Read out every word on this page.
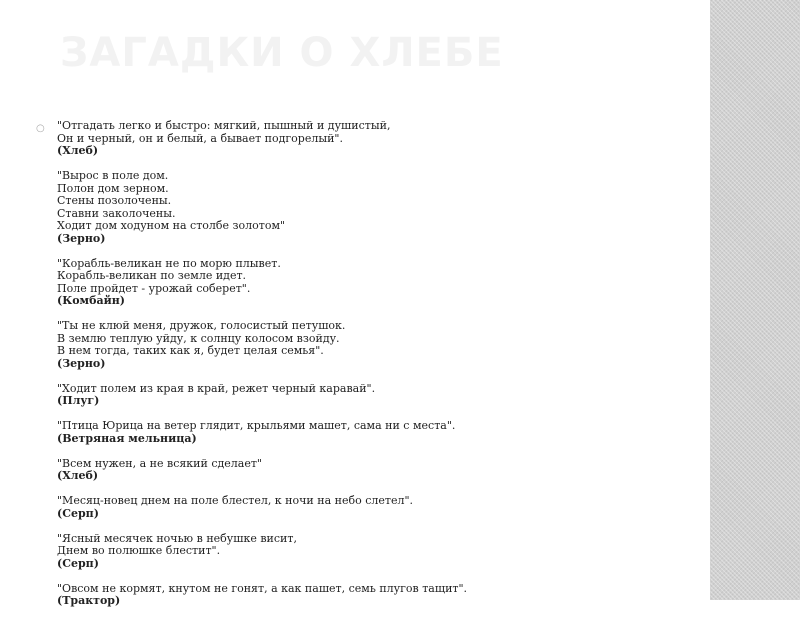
ЗАГАДКИ О ХЛЕБЕ
○ "Отгадать легко и быстро: мягкий, пышный и душистый,
Он и черный, он и белый, а бывает подгорелый".
(Хлеб)
"Вырос в поле дом.
Полон дом зерном.
Стены позолочены.
Ставни заколочены.
Ходит дом ходуном на столбе золотом"
(Зерно)
"Корабль-великан не по морю плывет.
Корабль-великан по земле идет.
Поле пройдет - урожай соберет".
(Комбайн)
"Ты не клюй меня, дружок, голосистый петушок.
В землю теплую уйду, к солнцу колосом взойду.
В нем тогда, таких как я, будет целая семья".
(Зерно)
"Ходит полем из края в край, режет черный каравай".
(Плуг)
"Птица Юрица на ветер глядит, крыльями машет, сама ни с места".
(Ветряная мельница)
"Всем нужен, а не всякий сделает"
(Хлеб)
"Месяц-новец днем на поле блестел, к ночи на небо слетел".
(Серп)
"Ясный месячек ночью в небушке висит,
Днем во полюшке блестит".
(Серп)
"Овсом не кормят, кнутом не гонят, а как пашет, семь плугов тащит".
(Трактор)
